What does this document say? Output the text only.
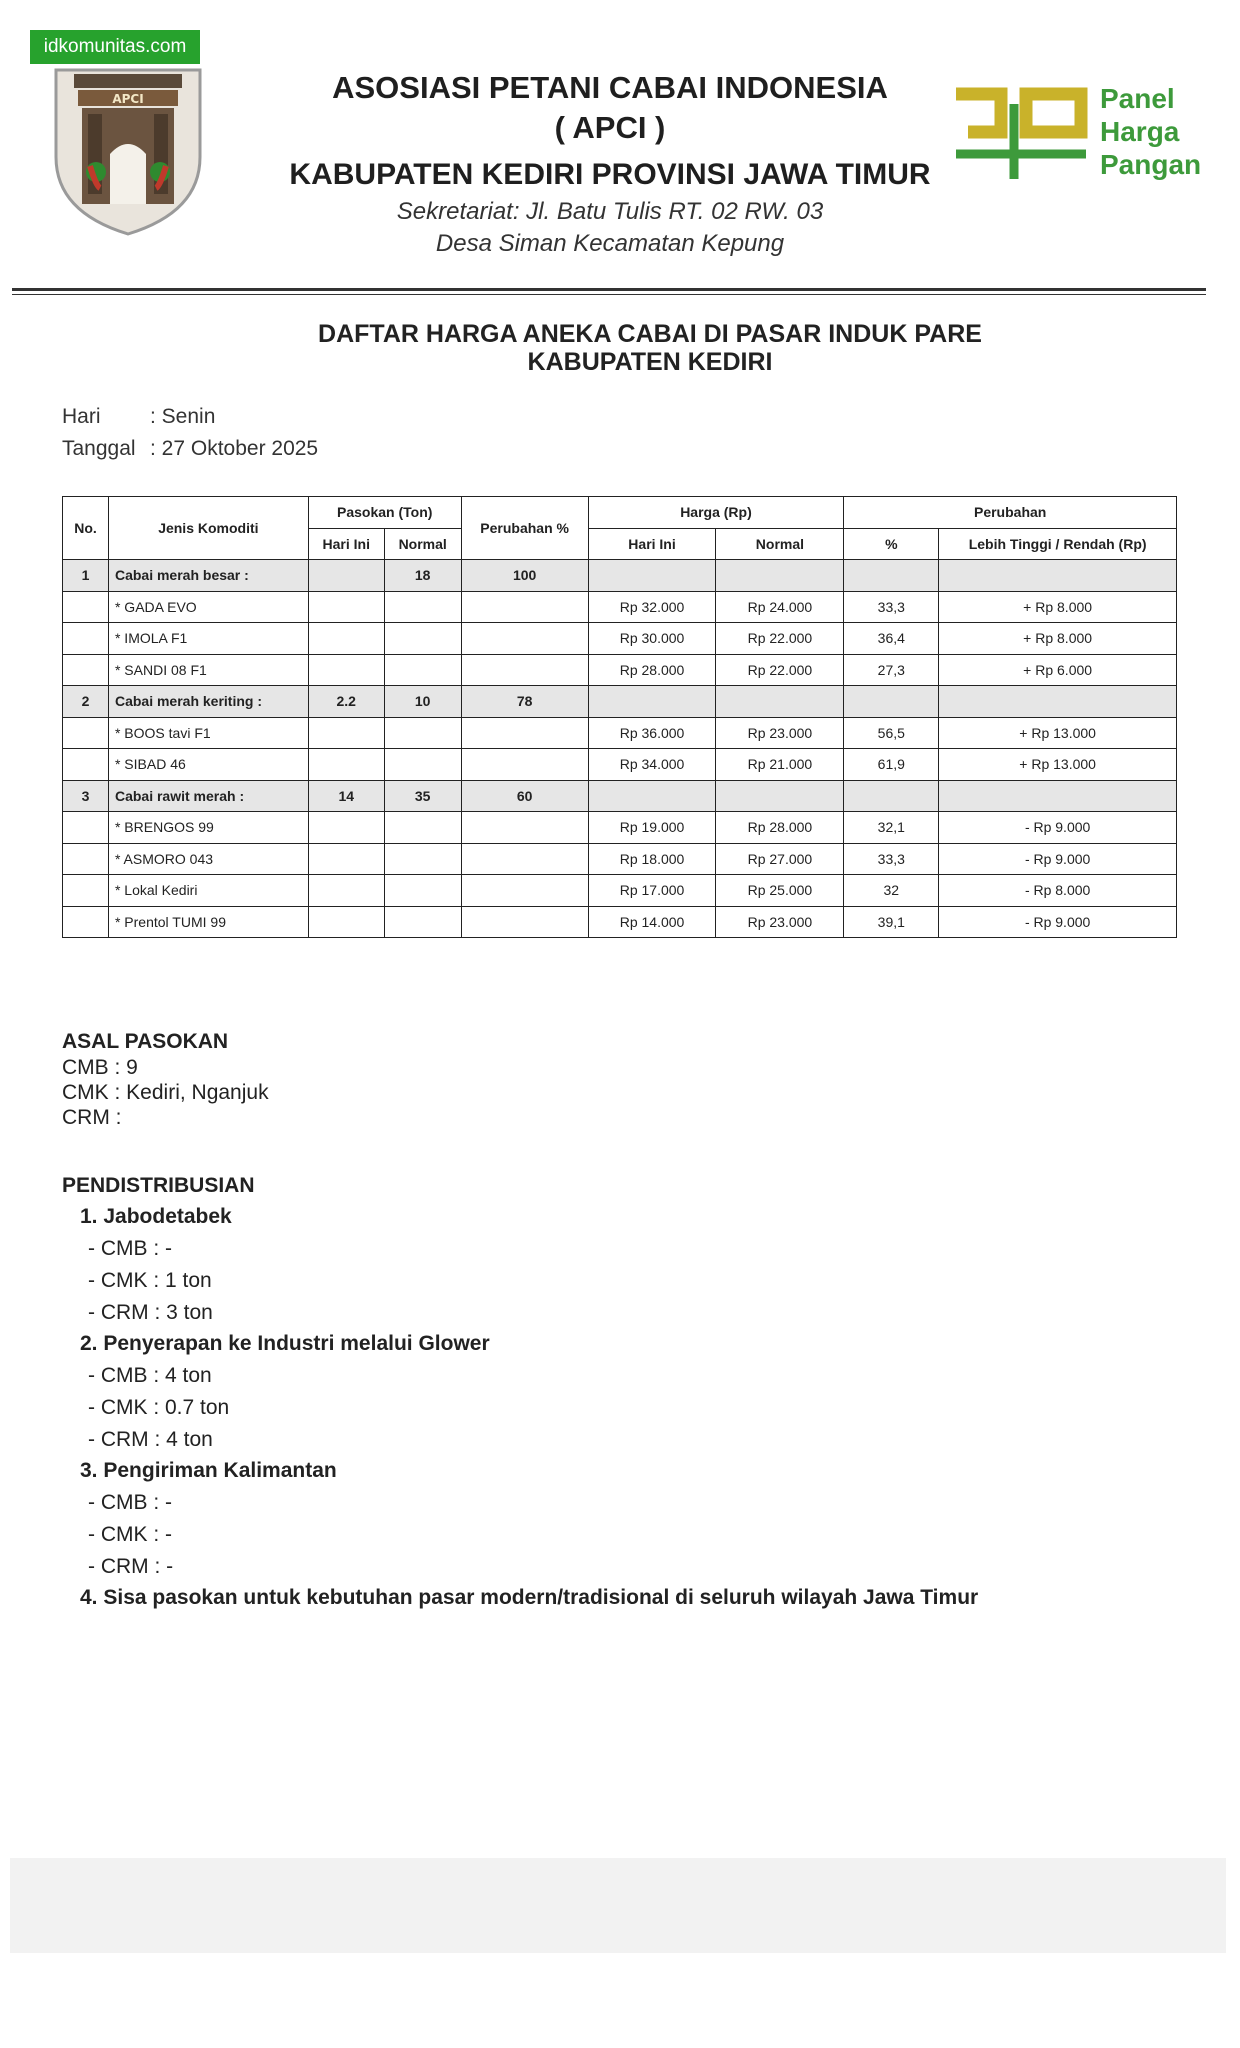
idkomunitas.com
APCI	ASOSIASI PETANI CABAI INDONESIA
( APCI )
KABUPATEN KEDIRI PROVINSI JAWA TIMUR
Sekretariat: Jl. Batu Tulis RT. 02 RW. 03
Desa Siman Kecamatan Kepung
Panel
Harga
Pangan
DAFTAR HARGA ANEKA CABAI DI PASAR INDUK PARE
KABUPATEN KEDIRI
Hari : Senin
Tanggal : 27 Oktober 2025
No.	Jenis Komoditi	Pasokan (Ton)		Perubahan %	Harga (Rp)		Perubahan	
		Hari Ini	Normal		Hari Ini	Normal	%	Lebih Tinggi / Rendah (Rp)
1	Cabai merah besar :		18	100				
	* GADA EVO				Rp 32.000	Rp 24.000	33,3	+ Rp 8.000
	* IMOLA F1				Rp 30.000	Rp 22.000	36,4	+ Rp 8.000
	* SANDI 08 F1				Rp 28.000	Rp 22.000	27,3	+ Rp 6.000
2	Cabai merah keriting :	2.2	10	78				
	* BOOS tavi F1				Rp 36.000	Rp 23.000	56,5	+ Rp 13.000
	* SIBAD 46				Rp 34.000	Rp 21.000	61,9	+ Rp 13.000
3	Cabai rawit merah :	14	35	60				
	* BRENGOS 99				Rp 19.000	Rp 28.000	32,1	- Rp 9.000
	* ASMORO 043				Rp 18.000	Rp 27.000	33,3	- Rp 9.000
	* Lokal Kediri				Rp 17.000	Rp 25.000	32	- Rp 8.000
	* Prentol TUMI 99				Rp 14.000	Rp 23.000	39,1	- Rp 9.000
ASAL PASOKAN
CMB : 9
CMK : Kediri, Nganjuk
CRM :
PENDISTRIBUSIAN
1. Jabodetabek
- CMB : -
- CMK : 1 ton
- CRM : 3 ton
2. Penyerapan ke Industri melalui Glower
- CMB : 4 ton
- CMK : 0.7 ton
- CRM : 4 ton
3. Pengiriman Kalimantan
- CMB : -
- CMK : -
- CRM : -
4. Sisa pasokan untuk kebutuhan pasar modern/tradisional di seluruh wilayah Jawa Timur
